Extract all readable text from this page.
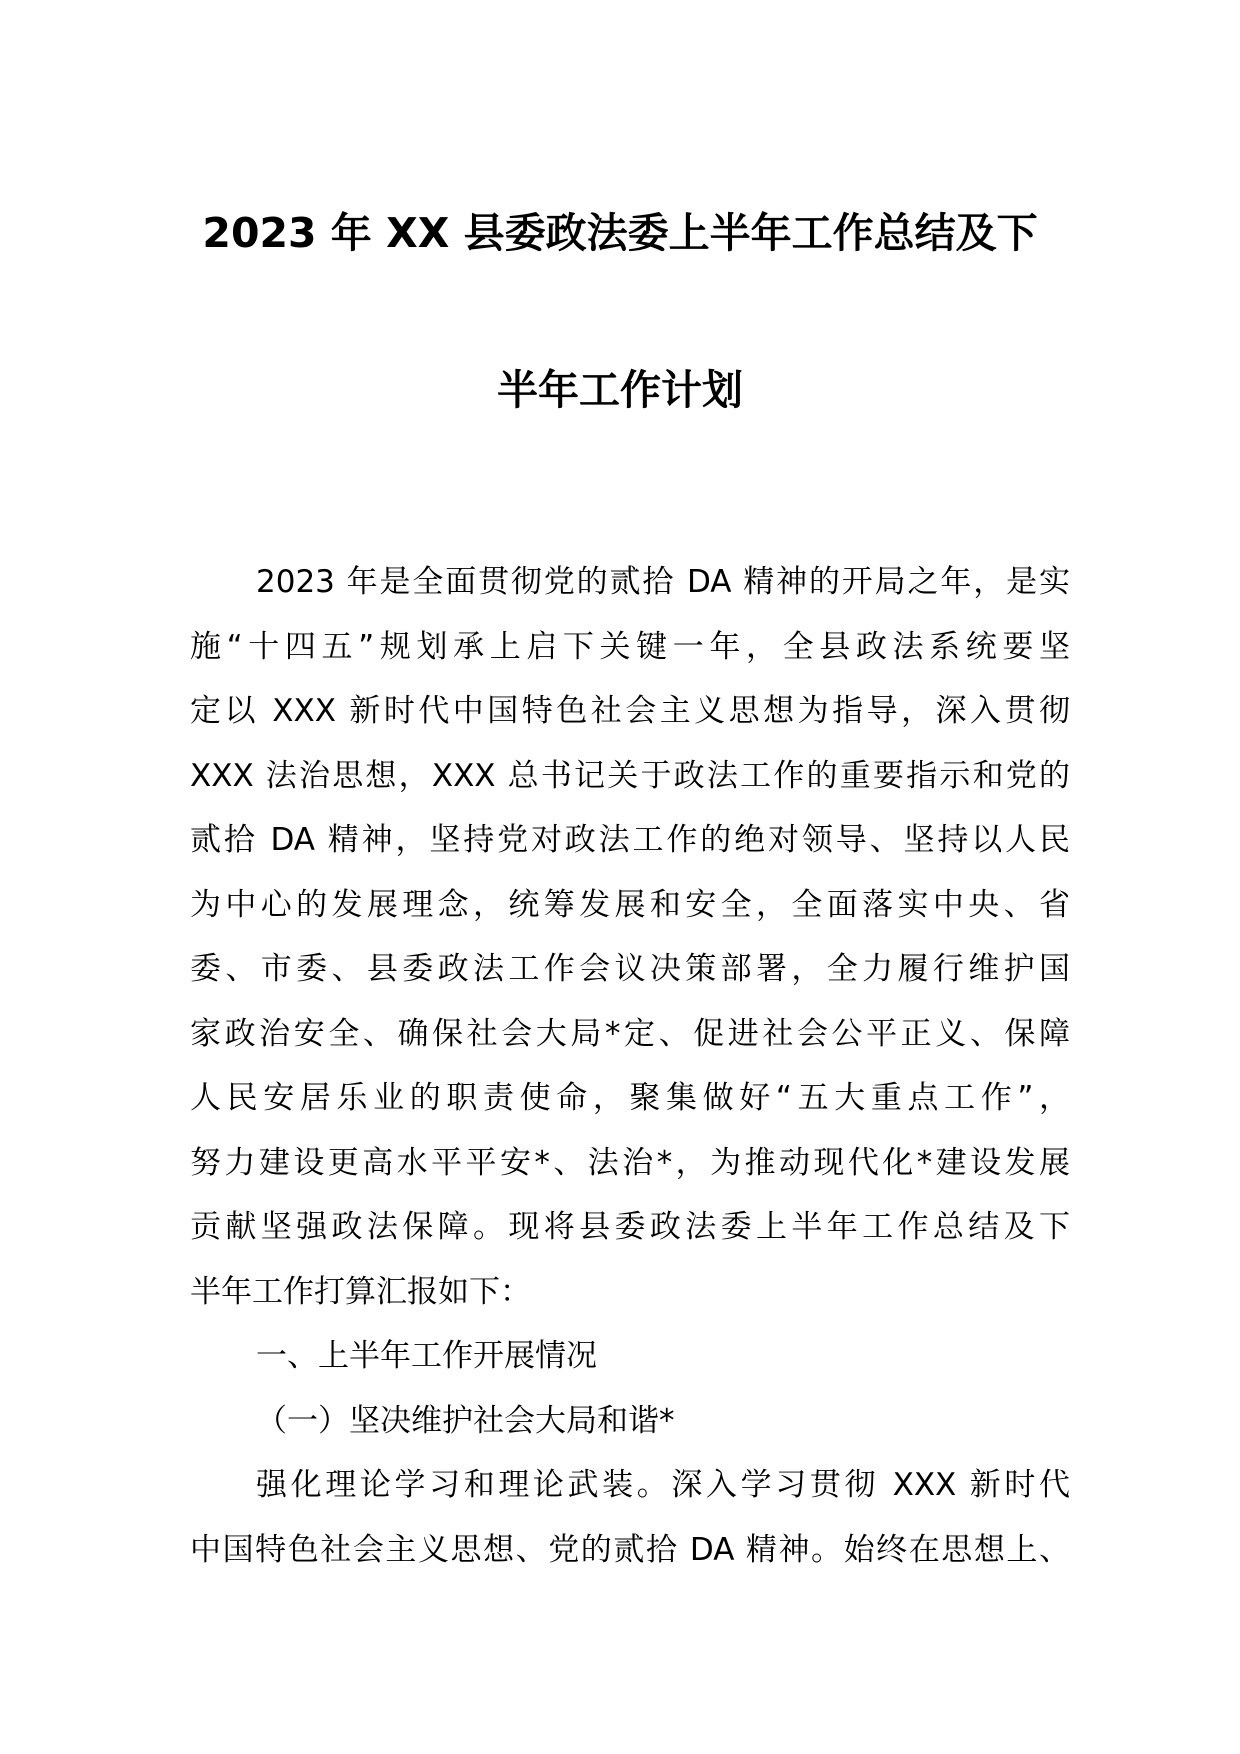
2023 年 XX 县委政法委上半年工作总结及下
半年工作计划
2023 年是全面贯彻党的贰拾 DA 精神的开局之年，是实
施“十四五”规划承上启下关键一年，全县政法系统要坚
定以 XXX 新时代中国特色社会主义思想为指导，深入贯彻
XXX 法治思想，XXX 总书记关于政法工作的重要指示和党的
贰拾 DA 精神，坚持党对政法工作的绝对领导、坚持以人民
为中心的发展理念，统筹发展和安全，全面落实中央、省
委、市委、县委政法工作会议决策部署，全力履行维护国
家政治安全、确保社会大局*定、促进社会公平正义、保障
人民安居乐业的职责使命，聚集做好“五大重点工作”，
努力建设更高水平平安*、法治*，为推动现代化*建设发展
贡献坚强政法保障。现将县委政法委上半年工作总结及下
半年工作打算汇报如下：
一、上半年工作开展情况
（一）坚决维护社会大局和谐*
强化理论学习和理论武装。深入学习贯彻 XXX 新时代
中国特色社会主义思想、党的贰拾 DA 精神。始终在思想上、
